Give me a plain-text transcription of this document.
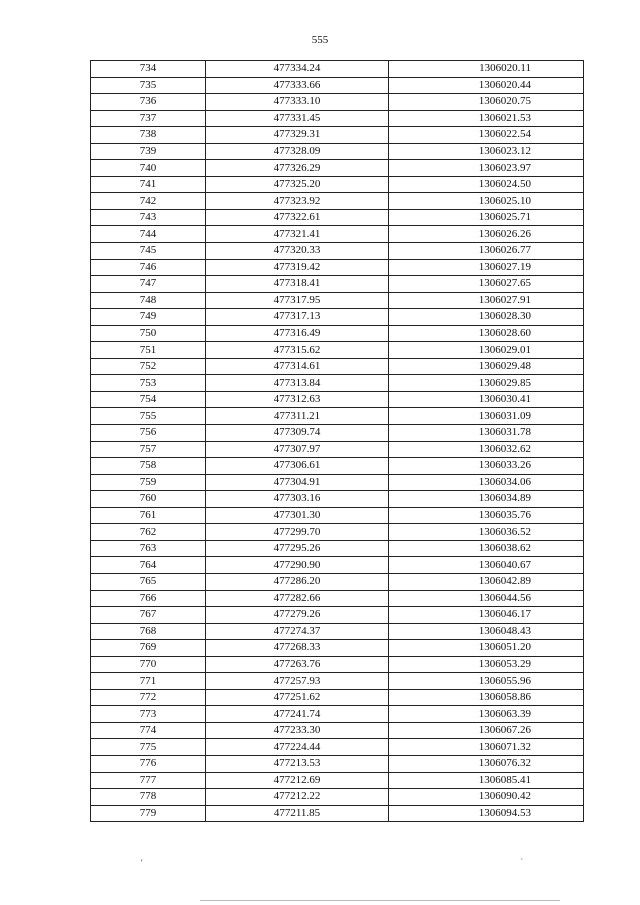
555
734	477334.24	1306020.11
735	477333.66	1306020.44
736	477333.10	1306020.75
737	477331.45	1306021.53
738	477329.31	1306022.54
739	477328.09	1306023.12
740	477326.29	1306023.97
741	477325.20	1306024.50
742	477323.92	1306025.10
743	477322.61	1306025.71
744	477321.41	1306026.26
745	477320.33	1306026.77
746	477319.42	1306027.19
747	477318.41	1306027.65
748	477317.95	1306027.91
749	477317.13	1306028.30
750	477316.49	1306028.60
751	477315.62	1306029.01
752	477314.61	1306029.48
753	477313.84	1306029.85
754	477312.63	1306030.41
755	477311.21	1306031.09
756	477309.74	1306031.78
757	477307.97	1306032.62
758	477306.61	1306033.26
759	477304.91	1306034.06
760	477303.16	1306034.89
761	477301.30	1306035.76
762	477299.70	1306036.52
763	477295.26	1306038.62
764	477290.90	1306040.67
765	477286.20	1306042.89
766	477282.66	1306044.56
767	477279.26	1306046.17
768	477274.37	1306048.43
769	477268.33	1306051.20
770	477263.76	1306053.29
771	477257.93	1306055.96
772	477251.62	1306058.86
773	477241.74	1306063.39
774	477233.30	1306067.26
775	477224.44	1306071.32
776	477213.53	1306076.32
777	477212.69	1306085.41
778	477212.22	1306090.42
779	477211.85	1306094.53
‘	`
